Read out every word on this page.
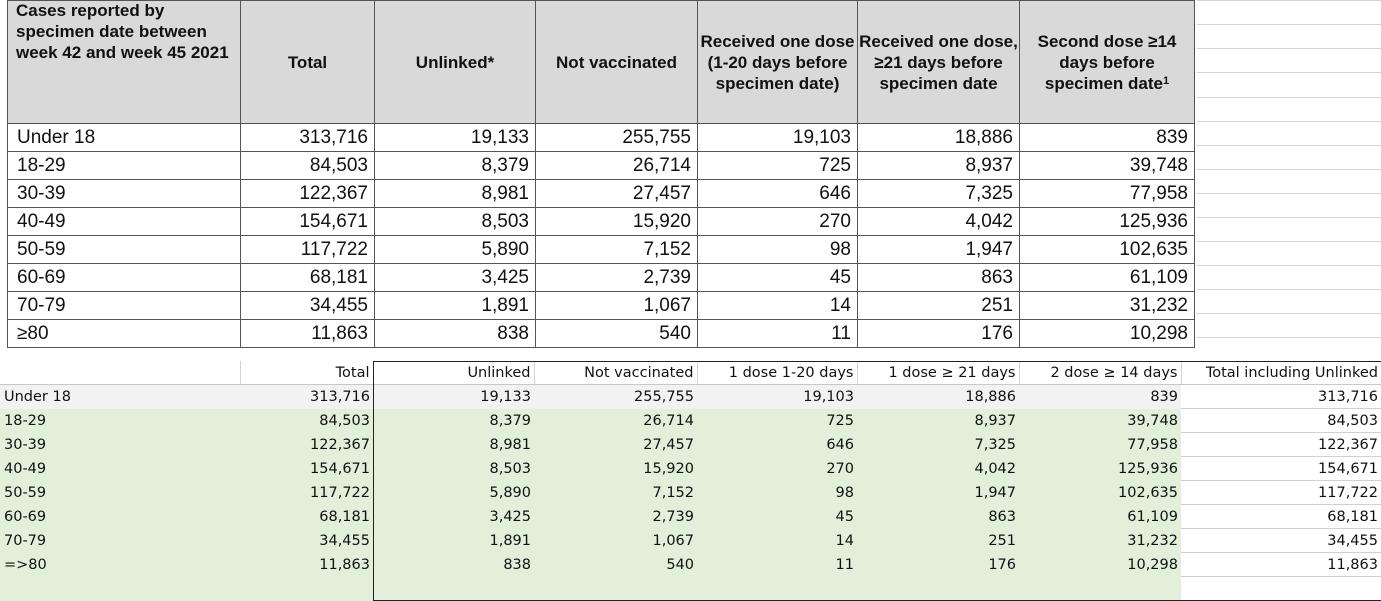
Cases reported by specimen date between week 42 and week 45 2021	Total	Unlinked*	Not vaccinated	Received one dose (1-20 days before specimen date)	Received one dose, ≥21 days before specimen date	Second dose ≥14 days before specimen date$^1$
Under 18	313,716	19,133	255,755	19,103	18,886	839
18-29	84,503	8,379	26,714	725	8,937	39,748
30-39	122,367	8,981	27,457	646	7,325	77,958
40-49	154,671	8,503	15,920	270	4,042	125,936
50-59	117,722	5,890	7,152	98	1,947	102,635
60-69	68,181	3,425	2,739	45	863	61,109
70-79	34,455	1,891	1,067	14	251	31,232
≥80	11,863	838	540	11	176	10,298
	Total	Unlinked	Not vaccinated	1 dose 1-20 days	1 dose ≥ 21 days	2 dose ≥ 14 days	Total including Unlinked
Under 18	313,716	19,133	255,755	19,103	18,886	839	313,716
18-29	84,503	8,379	26,714	725	8,937	39,748	84,503
30-39	122,367	8,981	27,457	646	7,325	77,958	122,367
40-49	154,671	8,503	15,920	270	4,042	125,936	154,671
50-59	117,722	5,890	7,152	98	1,947	102,635	117,722
60-69	68,181	3,425	2,739	45	863	61,109	68,181
70-79	34,455	1,891	1,067	14	251	31,232	34,455
=>80	11,863	838	540	11	176	10,298	11,863
